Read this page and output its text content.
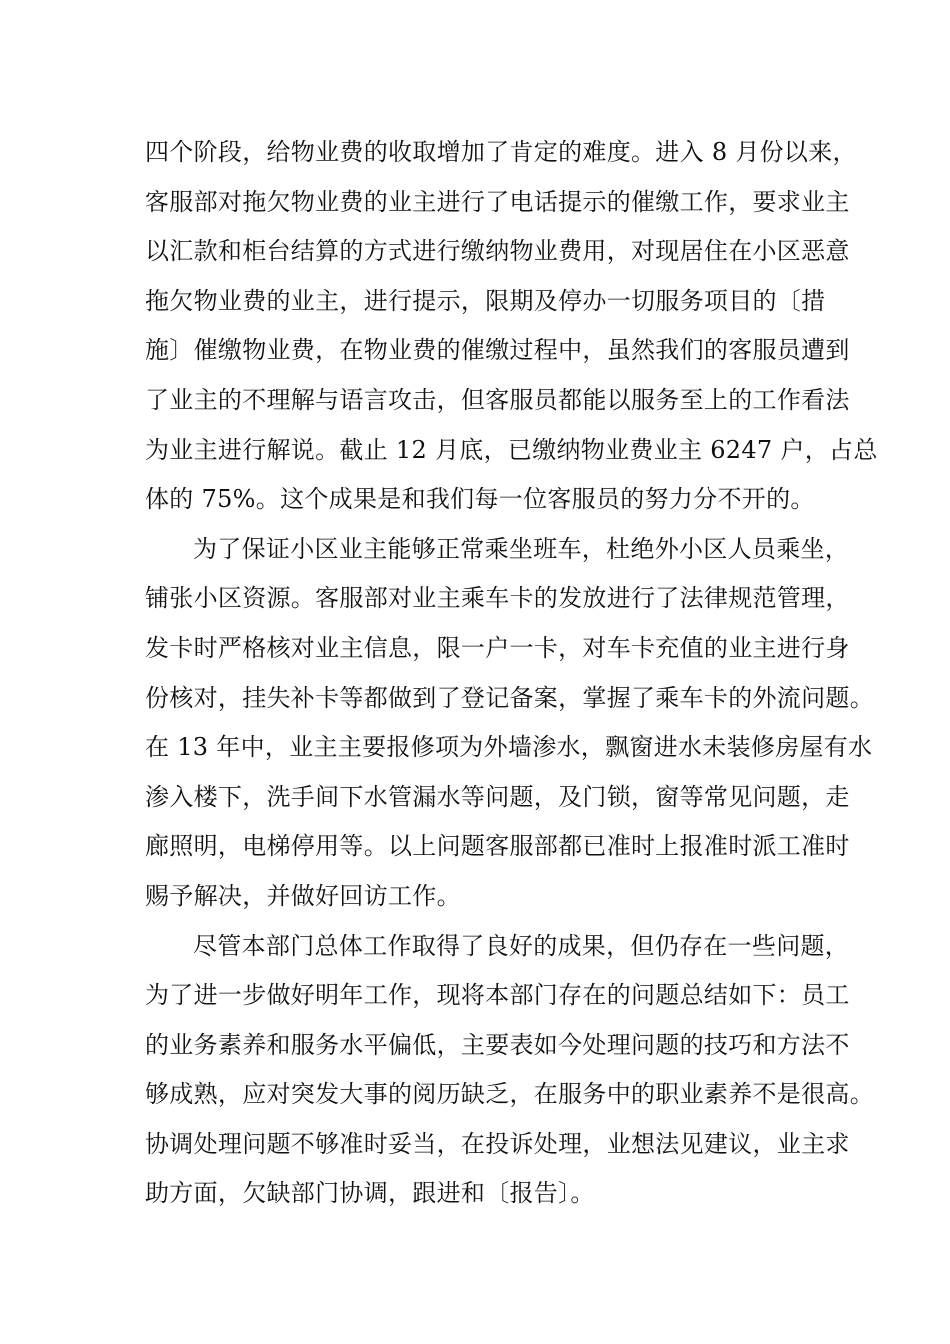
四个阶段，给物业费的收取增加了肯定的难度。进入 8 月份以来，
客服部对拖欠物业费的业主进行了电话提示的催缴工作，要求业主
以汇款和柜台结算的方式进行缴纳物业费用，对现居住在小区恶意
拖欠物业费的业主，进行提示，限期及停办一切服务项目的〔措
施〕催缴物业费，在物业费的催缴过程中，虽然我们的客服员遭到
了业主的不理解与语言攻击，但客服员都能以服务至上的工作看法
为业主进行解说。截止 12 月底，已缴纳物业费业主 6247 户，占总
体的 75%。这个成果是和我们每一位客服员的努力分不开的。
为了保证小区业主能够正常乘坐班车，杜绝外小区人员乘坐，
铺张小区资源。客服部对业主乘车卡的发放进行了法律规范管理，
发卡时严格核对业主信息，限一户一卡，对车卡充值的业主进行身
份核对，挂失补卡等都做到了登记备案，掌握了乘车卡的外流问题。
在 13 年中，业主主要报修项为外墙渗水，飘窗进水未装修房屋有水
渗入楼下，洗手间下水管漏水等问题，及门锁，窗等常见问题，走
廊照明，电梯停用等。以上问题客服部都已准时上报准时派工准时
赐予解决，并做好回访工作。
尽管本部门总体工作取得了良好的成果，但仍存在一些问题，
为了进一步做好明年工作，现将本部门存在的问题总结如下：员工
的业务素养和服务水平偏低，主要表如今处理问题的技巧和方法不
够成熟，应对突发大事的阅历缺乏，在服务中的职业素养不是很高。
协调处理问题不够准时妥当，在投诉处理，业想法见建议，业主求
助方面，欠缺部门协调，跟进和〔报告〕。
